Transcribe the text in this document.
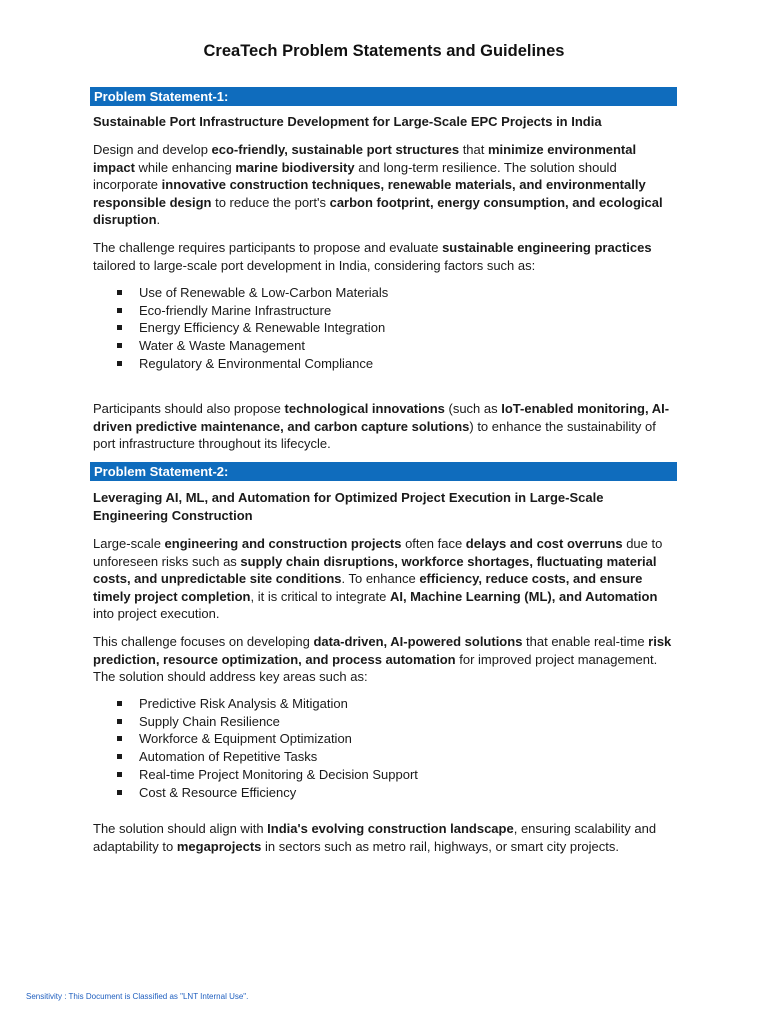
CreaTech Problem Statements and Guidelines
Problem Statement-1:

Sustainable Port Infrastructure Development for Large-Scale EPC Projects in India

Design and develop eco-friendly, sustainable port structures that minimize environmental impact while enhancing marine biodiversity and long-term resilience. The solution should incorporate innovative construction techniques, renewable materials, and environmentally responsible design to reduce the port's carbon footprint, energy consumption, and ecological disruption.

The challenge requires participants to propose and evaluate sustainable engineering practices tailored to large-scale port development in India, considering factors such as:

Use of Renewable & Low-Carbon Materials
Eco-friendly Marine Infrastructure
Energy Efficiency & Renewable Integration
Water & Waste Management
Regulatory & Environmental Compliance

Participants should also propose technological innovations (such as IoT-enabled monitoring, AI-driven predictive maintenance, and carbon capture solutions) to enhance the sustainability of port infrastructure throughout its lifecycle.

Problem Statement-2:

Leveraging AI, ML, and Automation for Optimized Project Execution in Large-Scale Engineering Construction

Large-scale engineering and construction projects often face delays and cost overruns due to unforeseen risks such as supply chain disruptions, workforce shortages, fluctuating material costs, and unpredictable site conditions. To enhance efficiency, reduce costs, and ensure timely project completion, it is critical to integrate AI, Machine Learning (ML), and Automation into project execution.

This challenge focuses on developing data-driven, AI-powered solutions that enable real-time risk prediction, resource optimization, and process automation for improved project management. The solution should address key areas such as:

Predictive Risk Analysis & Mitigation
Supply Chain Resilience
Workforce & Equipment Optimization
Automation of Repetitive Tasks
Real-time Project Monitoring & Decision Support
Cost & Resource Efficiency

The solution should align with India's evolving construction landscape, ensuring scalability and adaptability to megaprojects in sectors such as metro rail, highways, or smart city projects.

Sensitivity : This Document is Classified as "LNT Internal Use".
